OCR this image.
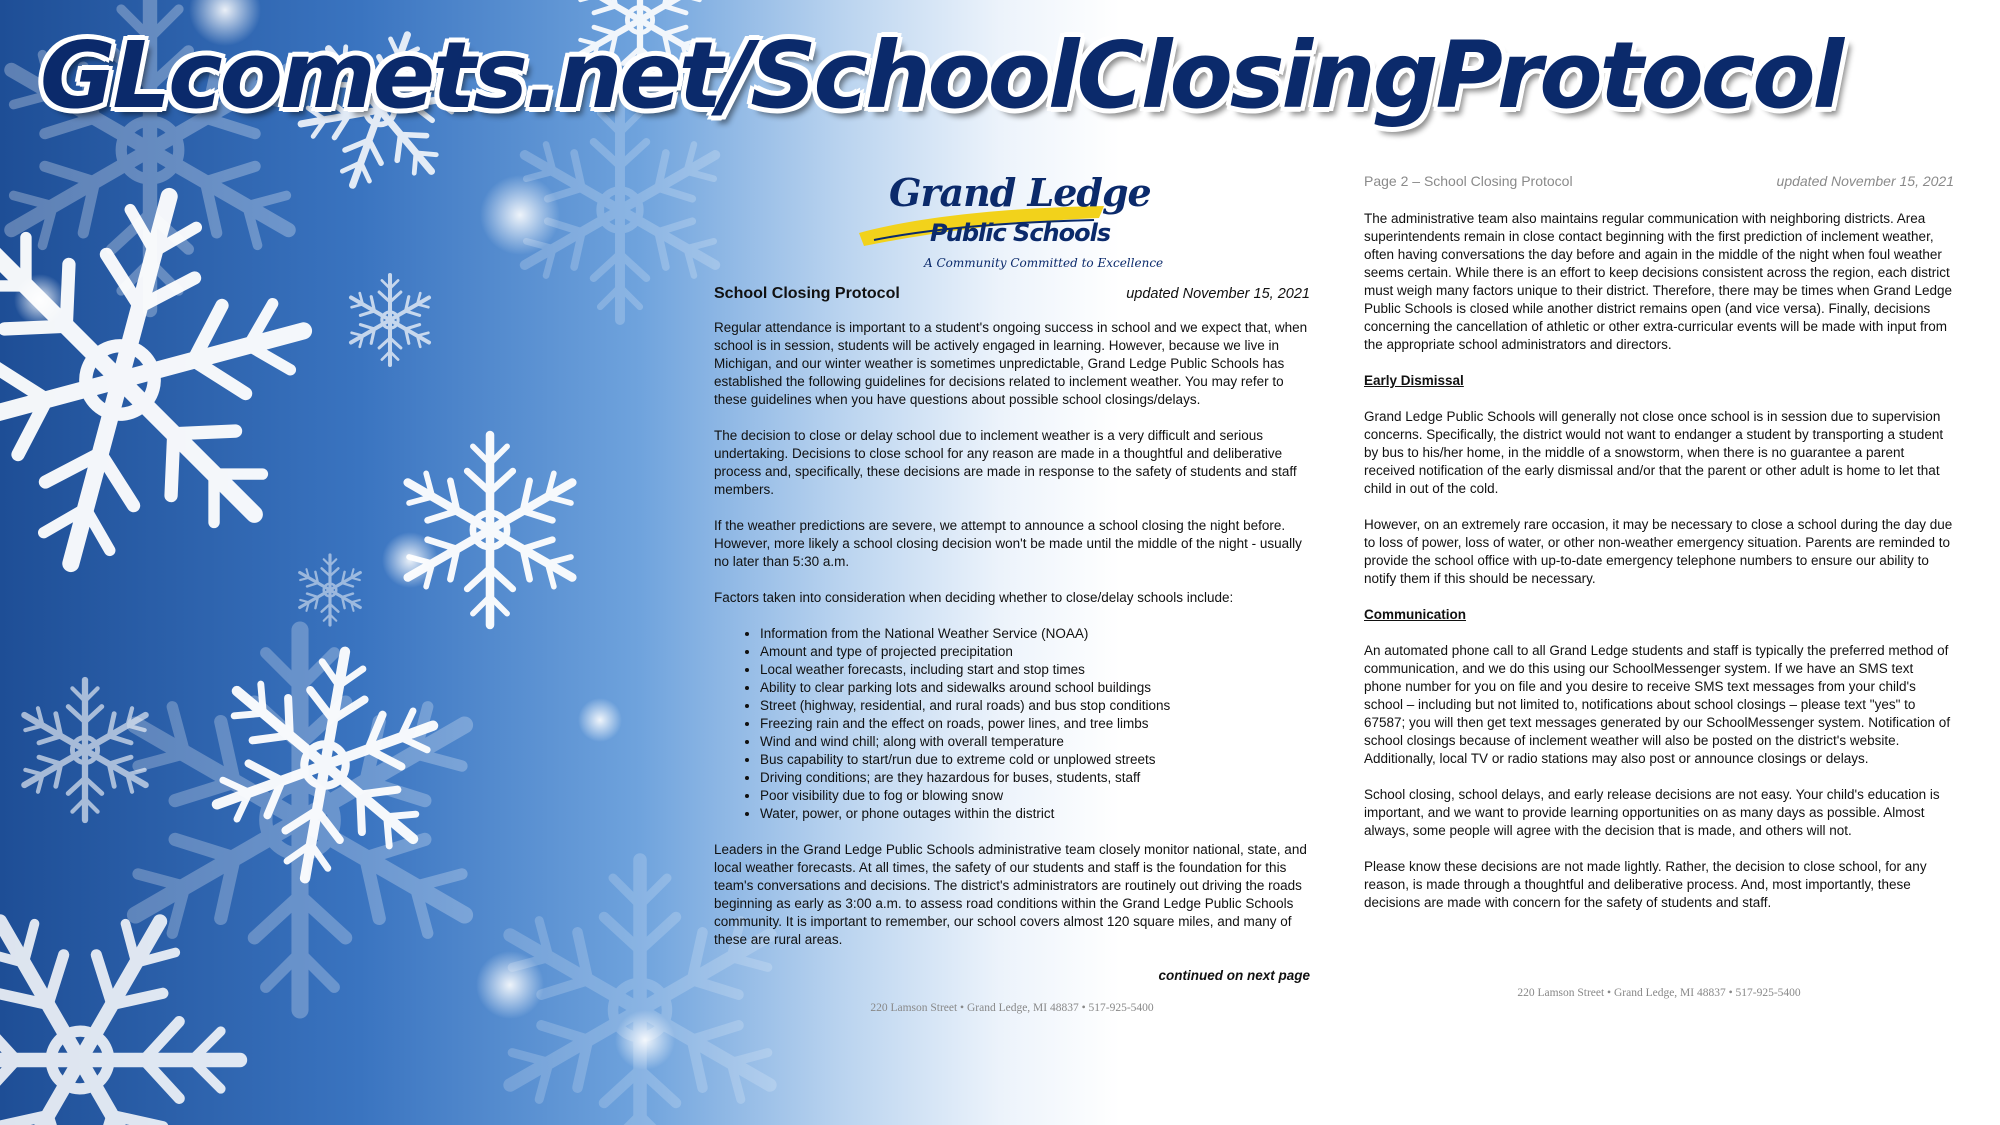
GLcomets.net/SchoolClosingProtocol
Grand Ledge
Public Schools
A Community Committed to Excellence
School Closing Protocol	updated November 15, 2021

Regular attendance is important to a student's ongoing success in school and we expect that, when school is in session, students will be actively engaged in learning. However, because we live in Michigan, and our winter weather is sometimes unpredictable, Grand Ledge Public Schools has established the following guidelines for decisions related to inclement weather. You may refer to these guidelines when you have questions about possible school closings/delays.

The decision to close or delay school due to inclement weather is a very difficult and serious undertaking. Decisions to close school for any reason are made in a thoughtful and deliberative process and, specifically, these decisions are made in response to the safety of students and staff members.

If the weather predictions are severe, we attempt to announce a school closing the night before. However, more likely a school closing decision won't be made until the middle of the night - usually no later than 5:30 a.m.

Factors taken into consideration when deciding whether to close/delay schools include:

• Information from the National Weather Service (NOAA)
• Amount and type of projected precipitation
• Local weather forecasts, including start and stop times
• Ability to clear parking lots and sidewalks around school buildings
• Street (highway, residential, and rural roads) and bus stop conditions
• Freezing rain and the effect on roads, power lines, and tree limbs
• Wind and wind chill; along with overall temperature
• Bus capability to start/run due to extreme cold or unplowed streets
• Driving conditions; are they hazardous for buses, students, staff
• Poor visibility due to fog or blowing snow
• Water, power, or phone outages within the district

Leaders in the Grand Ledge Public Schools administrative team closely monitor national, state, and local weather forecasts. At all times, the safety of our students and staff is the foundation for this team's conversations and decisions. The district's administrators are routinely out driving the roads beginning as early as 3:00 a.m. to assess road conditions within the Grand Ledge Public Schools community. It is important to remember, our school covers almost 120 square miles, and many of these are rural areas.

continued on next page
220 Lamson Street • Grand Ledge, MI 48837 • 517-925-5400
Page 2 – School Closing Protocol	updated November 15, 2021

The administrative team also maintains regular communication with neighboring districts. Area superintendents remain in close contact beginning with the first prediction of inclement weather, often having conversations the day before and again in the middle of the night when foul weather seems certain. While there is an effort to keep decisions consistent across the region, each district must weigh many factors unique to their district. Therefore, there may be times when Grand Ledge Public Schools is closed while another district remains open (and vice versa). Finally, decisions concerning the cancellation of athletic or other extra-curricular events will be made with input from the appropriate school administrators and directors.

Early Dismissal

Grand Ledge Public Schools will generally not close once school is in session due to supervision concerns. Specifically, the district would not want to endanger a student by transporting a student by bus to his/her home, in the middle of a snowstorm, when there is no guarantee a parent received notification of the early dismissal and/or that the parent or other adult is home to let that child in out of the cold.

However, on an extremely rare occasion, it may be necessary to close a school during the day due to loss of power, loss of water, or other non-weather emergency situation. Parents are reminded to provide the school office with up-to-date emergency telephone numbers to ensure our ability to notify them if this should be necessary.

Communication

An automated phone call to all Grand Ledge students and staff is typically the preferred method of communication, and we do this using our SchoolMessenger system. If we have an SMS text phone number for you on file and you desire to receive SMS text messages from your child's school – including but not limited to, notifications about school closings – please text "yes" to 67587; you will then get text messages generated by our SchoolMessenger system. Notification of school closings because of inclement weather will also be posted on the district's website. Additionally, local TV or radio stations may also post or announce closings or delays.

School closing, school delays, and early release decisions are not easy. Your child's education is important, and we want to provide learning opportunities on as many days as possible. Almost always, some people will agree with the decision that is made, and others will not.

Please know these decisions are not made lightly. Rather, the decision to close school, for any reason, is made through a thoughtful and deliberative process. And, most importantly, these decisions are made with concern for the safety of students and staff.

220 Lamson Street • Grand Ledge, MI 48837 • 517-925-5400
